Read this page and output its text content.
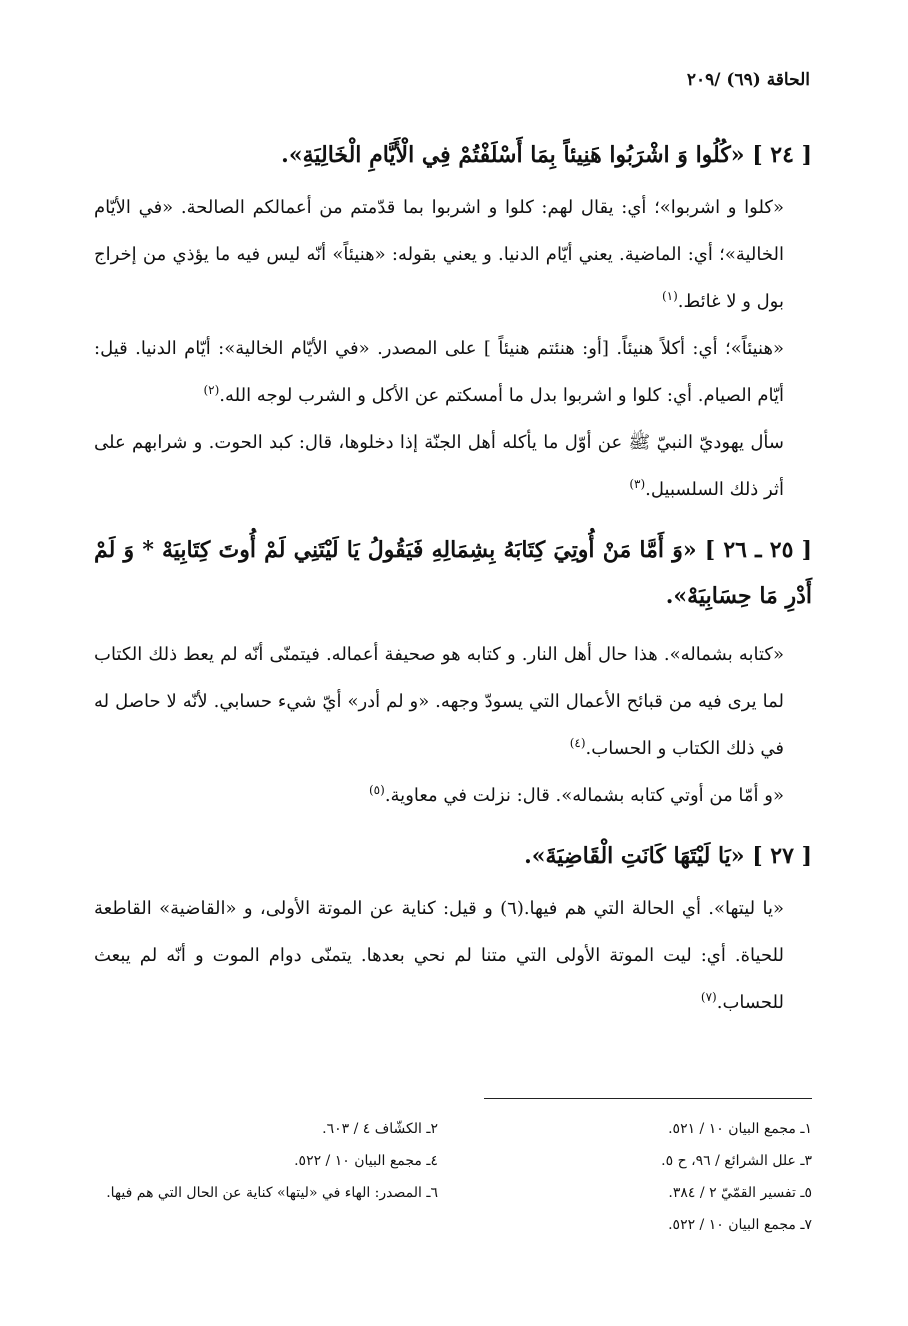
الحاقة (٦٩) /٢٠٩
[ ٢٤ ] «كُلُوا وَ اشْرَبُوا هَنِيئاً بِمَا أَسْلَفْتُمْ فِي الْأَيَّامِ الْخَالِيَةِ».

«كلوا و اشربوا»؛ أي: يقال لهم: كلوا و اشربوا بما قدّمتم من أعمالكم الصالحة. «في الأيّام الخالية»؛ أي: الماضية. يعني أيّام الدنيا. و يعني بقوله: «هنيئاً» أنّه ليس فيه ما يؤذي من إخراج بول و لا غائط.$^{(١)}$

«هنيئاً»؛ أي: أكلاً هنيئاً. [أو: هنئتم هنيئاً ] على المصدر. «في الأيّام الخالية»: أيّام الدنيا. قيل: أيّام الصيام. أي: كلوا و اشربوا بدل ما أمسكتم عن الأكل و الشرب لوجه الله.$^{(٢)}$

سأل يهوديّ النبيّ ﷺ عن أوّل ما يأكله أهل الجنّة إذا دخلوها، قال: كبد الحوت. و شرابهم على أثر ذلك السلسبيل.$^{(٣)}$

[ ٢٥ ـ ٢٦ ] «وَ أَمَّا مَنْ أُوتِيَ كِتَابَهُ بِشِمَالِهِ فَيَقُولُ يَا لَيْتَنِي لَمْ أُوتَ كِتَابِيَهْ * وَ لَمْ أَدْرِ مَا حِسَابِيَهْ».

«كتابه بشماله». هذا حال أهل النار. و كتابه هو صحيفة أعماله. فيتمنّى أنّه لم يعط ذلك الكتاب لما يرى فيه من قبائح الأعمال التي يسودّ وجهه. «و لم أدر» أيّ شيء حسابي. لأنّه لا حاصل له في ذلك الكتاب و الحساب.$^{(٤)}$

«و أمّا من أوتي كتابه بشماله». قال: نزلت في معاوية.$^{(٥)}$

[ ٢٧ ] «يَا لَيْتَهَا كَانَتِ الْقَاضِيَةَ».

«يا ليتها». أي الحالة التي هم فيها.(٦) و قيل: كناية عن الموتة الأولى، و «القاضية» القاطعة للحياة. أي: ليت الموتة الأولى التي متنا لم نحي بعدها. يتمنّى دوام الموت و أنّه لم يبعث للحساب.$^{(٧)}$

١ـ مجمع البيان ١٠ / ٥٢١.
٢ـ الكشّاف ٤ / ٦٠٣.
٣ـ علل الشرائع / ٩٦، ح ٥.
٤ـ مجمع البيان ١٠ / ٥٢٢.
٥ـ تفسير القمّيّ ٢ / ٣٨٤.
٦ـ المصدر: الهاء في «ليتها» كناية عن الحال التي هم فيها.
٧ـ مجمع البيان ١٠ / ٥٢٢.
